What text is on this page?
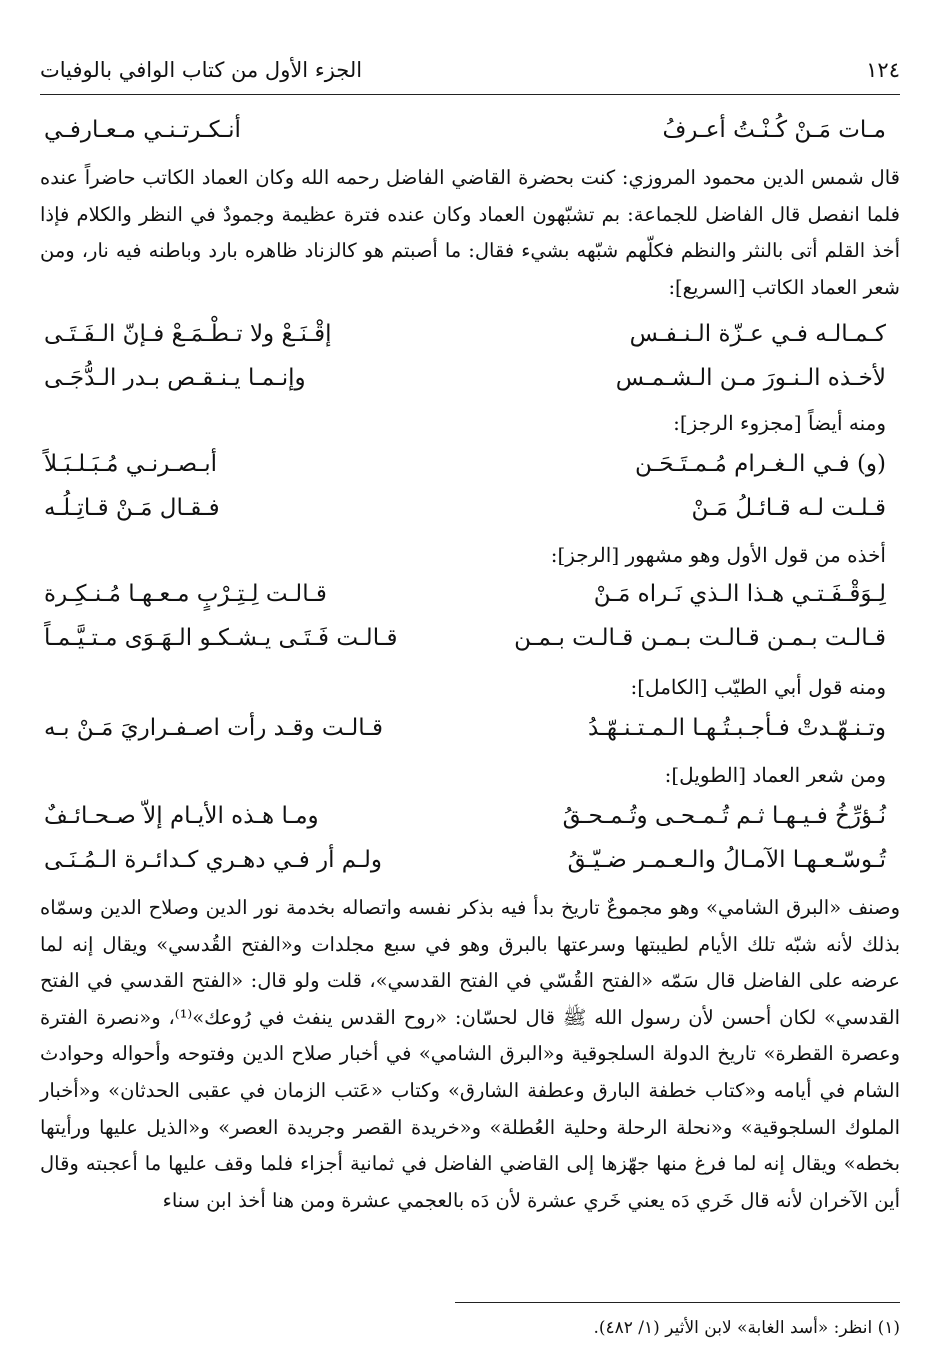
١٢٤
الجزء الأول من كتاب الوافي بالوفيات
أنـكـرتـنـي مـعـارفـي	مـات مَـنْ كُـنْـتُ أعـرفُ

قال شمس الدين محمود المروزي: كنت بحضرة القاضي الفاضل رحمه الله وكان العماد الكاتب حاضراً عنده فلما انفصل قال الفاضل للجماعة: بم تشبّهون العماد وكان عنده فترة عظيمة وجمودٌ في النظر والكلام فإذا أخذ القلم أتى بالنثر والنظم فكلّهم شبّهه بشيء فقال: ما أصبتم هو كالزناد ظاهره بارد وباطنه فيه نار، ومن شعر العماد الكاتب [السريع]:

إقْـنَـعْ ولا تـطْـمَـعْ فـإنّ الـفَـتَـى	كـمـالـه فـي عـزّة الـنـفـس
وإنـمـا يـنـقـص بـدر الـدُّجَـى	لأخـذه الـنـورَ مـن الـشـمـس
ومنه أيضاً [مجزوء الرجز]:
أبـصـرنـي مُـبَـلـبَـلاً	(و) فـي الـغـرام مُـمـتَـحَـن
فـقـال مَـنْ قـاتِـلُـه	قـلـت لـه قـائـلُ مَـنْ
أخذه من قول الأول وهو مشهور [الرجز]:
قـالـت لِـتِـرْبٍ مـعـهـا مُـنـكِـرة	لِـوَقْـفَـتـي هـذا الـذي نَـراه مَـنْ
قـالـت فَـتَـى يـشـكـو الـهَـوَى مـتـيَّـمـاً	قـالـت بـمـن قـالـت بـمـن قـالـت بـمـن
ومنه قول أبي الطيّب [الكامل]:
قـالـت وقـد رأت اصـفـراريَ مَـنْ بـه	وتـنـهّـدتْ فـأجـبـتُـهـا الـمـتـنـهّـدُ
ومن شعر العماد [الطويل]:
ومـا هـذه الأيـام إلاّ صـحـائـفٌ	نُـؤرِّخُ فـيـهـا ثـم تُـمـحـى وتُـمـحـقُ
ولـم أر فـي دهـري كـدائـرة الـمُـنَـى	تُـوسّـعـهـا الآمـالُ والـعـمـر ضـيّـقُ

وصنف «البرق الشامي» وهو مجموعٌ تاريخ بدأ فيه بذكر نفسه واتصاله بخدمة نور الدين وصلاح الدين وسمّاه بذلك لأنه شبّه تلك الأيام لطيبتها وسرعتها بالبرق وهو في سبع مجلدات و«الفتح القُدسي» ويقال إنه لما عرضه على الفاضل قال سَمّه «الفتح القُسّي في الفتح القدسي»، قلت ولو قال: «الفتح القدسي في الفتح القدسي» لكان أحسن لأن رسول الله ﷺ قال لحسّان: «روح القدس ينفث في رُوعك»⁽¹⁾، و«نصرة الفترة وعصرة القطرة» تاريخ الدولة السلجوقية و«البرق الشامي» في أخبار صلاح الدين وفتوحه وأحواله وحوادث الشام في أيامه و«كتاب خطفة البارق وعطفة الشارق» وكتاب «عَتب الزمان في عقبى الحدثان» و«أخبار الملوك السلجوقية» و«نحلة الرحلة وحلية العُطلة» و«خريدة القصر وجريدة العصر» و«الذيل عليها ورأيتها بخطه» ويقال إنه لما فرغ منها جهّزها إلى القاضي الفاضل في ثمانية أجزاء فلما وقف عليها ما أعجبته وقال أين الآخران لأنه قال خَري دَه يعني خَري عشرة لأن دَه بالعجمي عشرة ومن هنا أخذ ابن سناء

(١) انظر: «أسد الغابة» لابن الأثير (١/ ٤٨٢).
